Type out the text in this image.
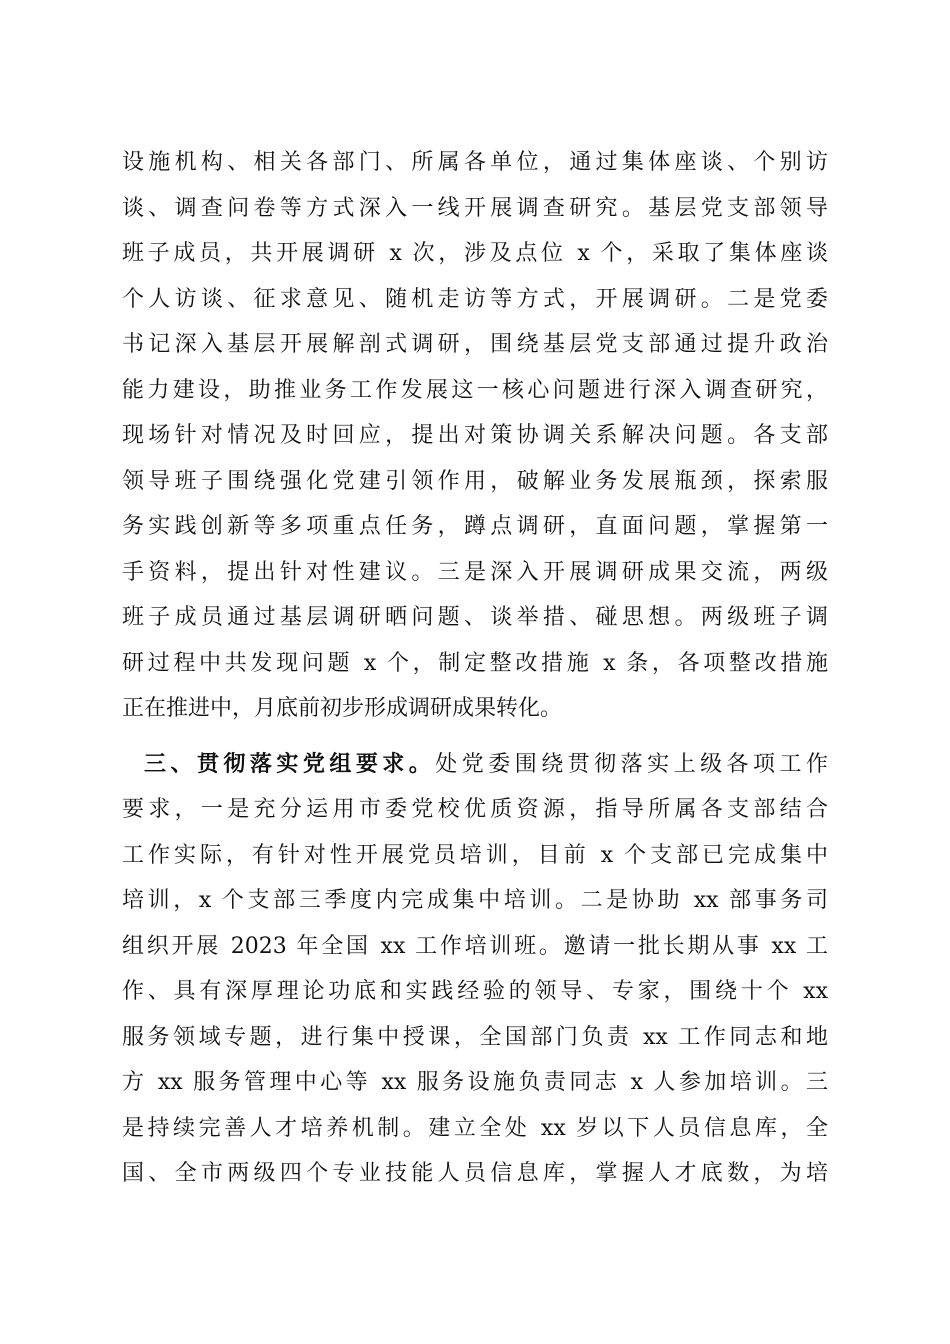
设施机构、相关各部门、所属各单位，通过集体座谈、个别访
谈、调查问卷等方式深入一线开展调查研究。基层党支部领导
班子成员，共开展调研 x 次，涉及点位 x 个，采取了集体座谈
个人访谈、征求意见、随机走访等方式，开展调研。二是党委
书记深入基层开展解剖式调研，围绕基层党支部通过提升政治
能力建设，助推业务工作发展这一核心问题进行深入调查研究，
现场针对情况及时回应，提出对策协调关系解决问题。各支部
领导班子围绕强化党建引领作用，破解业务发展瓶颈，探索服
务实践创新等多项重点任务，蹲点调研，直面问题，掌握第一
手资料，提出针对性建议。三是深入开展调研成果交流，两级
班子成员通过基层调研晒问题、谈举措、碰思想。两级班子调
研过程中共发现问题 x 个，制定整改措施 x 条，各项整改措施
正在推进中，月底前初步形成调研成果转化。
三、贯彻落实党组要求。处党委围绕贯彻落实上级各项工作
要求，一是充分运用市委党校优质资源，指导所属各支部结合
工作实际，有针对性开展党员培训，目前 x 个支部已完成集中
培训，x 个支部三季度内完成集中培训。二是协助 xx 部事务司
组织开展 2023 年全国 xx 工作培训班。邀请一批长期从事 xx 工
作、具有深厚理论功底和实践经验的领导、专家，围绕十个 xx
服务领域专题，进行集中授课，全国部门负责 xx 工作同志和地
方 xx 服务管理中心等 xx 服务设施负责同志 x 人参加培训。三
是持续完善人才培养机制。建立全处 xx 岁以下人员信息库，全
国、全市两级四个专业技能人员信息库，掌握人才底数，为培
